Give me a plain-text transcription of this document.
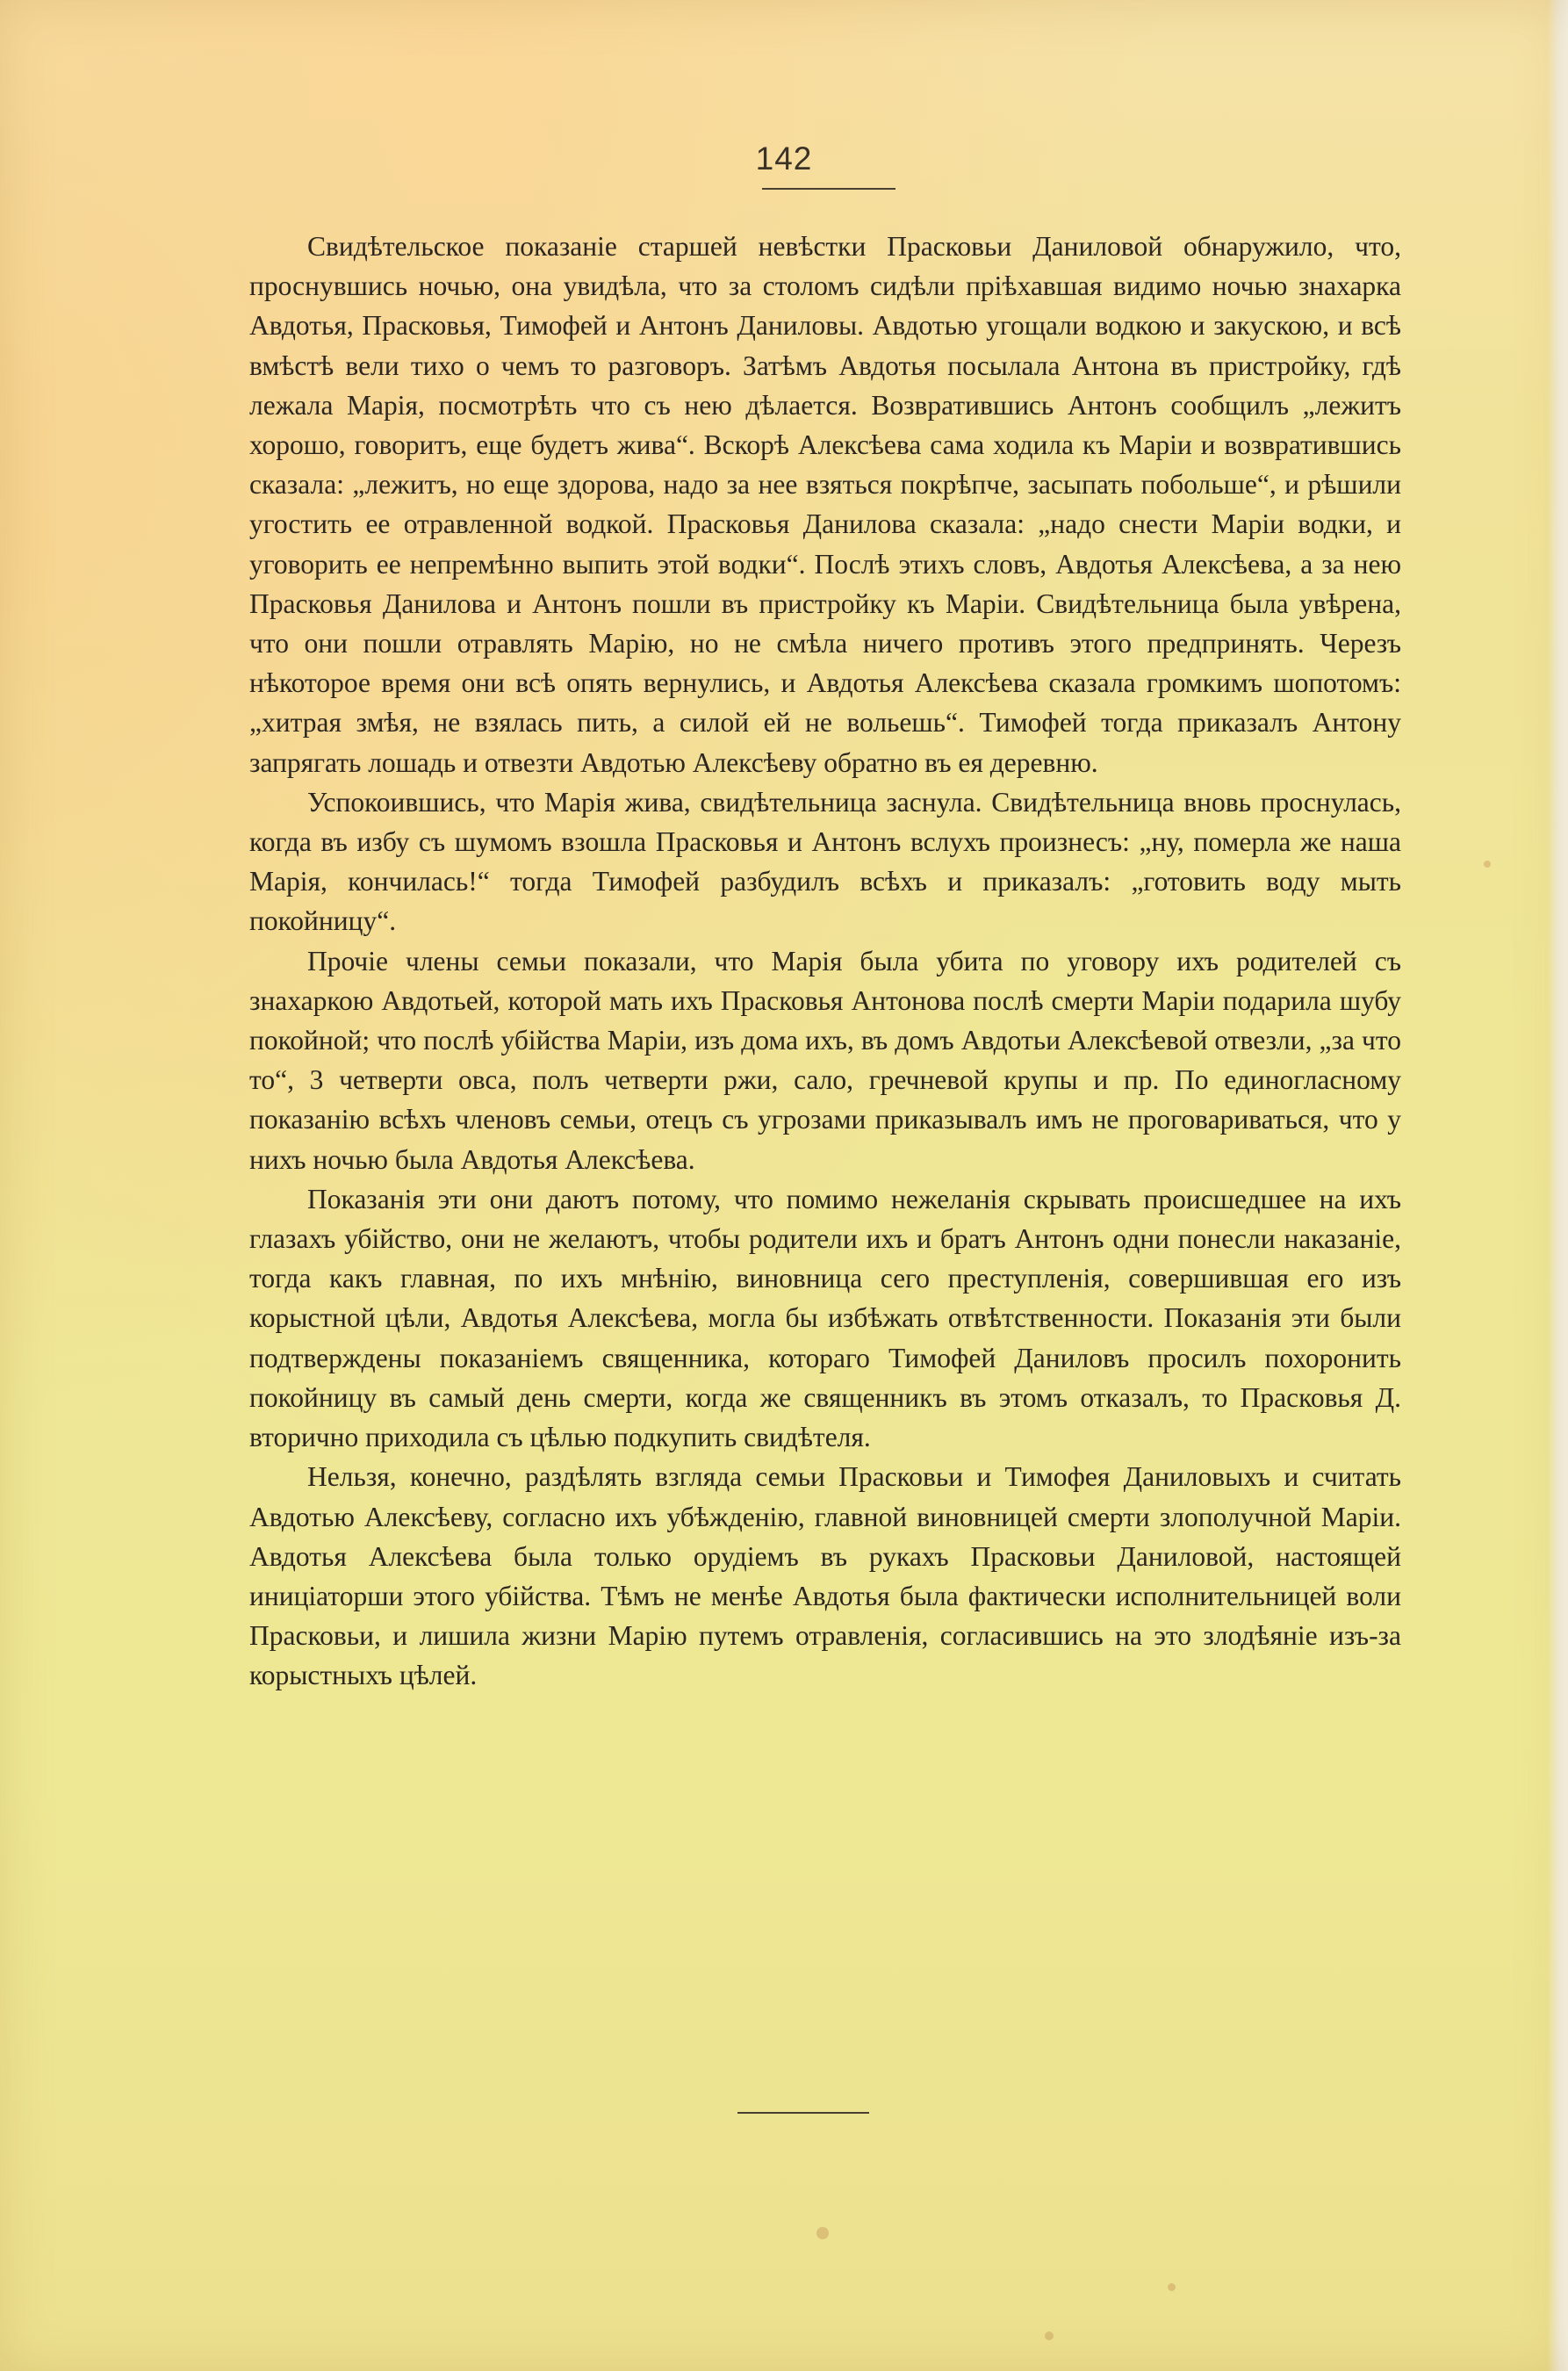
142

Свидѣтельское показаніе старшей невѣстки Прасковьи Даниловой обнаружило, что, проснувшись ночью, она увидѣла, что за столомъ сидѣли пріѣхавшая видимо ночью знахарка Авдотья, Прасковья, Тимофей и Антонъ Даниловы. Авдотью угощали водкою и закускою, и всѣ вмѣстѣ вели тихо о чемъ то разговоръ. Затѣмъ Авдотья посылала Антона въ пристройку, гдѣ лежала Марія, посмотрѣть что съ нею дѣлается. Возвратившись Антонъ сообщилъ „лежитъ хорошо, говоритъ, еще будетъ жива“. Вскорѣ Алексѣева сама ходила къ Маріи и возвратившись сказала: „лежитъ, но еще здорова, надо за нее взяться покрѣпче, засыпать побольше“, и рѣшили угостить ее отравленной водкой. Прасковья Данилова сказала: „надо снести Маріи водки, и уговорить ее непремѣнно выпить этой водки“. Послѣ этихъ словъ, Авдотья Алексѣева, а за нею Прасковья Данилова и Антонъ пошли въ пристройку къ Маріи. Свидѣтельница была увѣрена, что они пошли отравлять Марію, но не смѣла ничего противъ этого предпринять. Черезъ нѣкоторое время они всѣ опять вернулись, и Авдотья Алексѣева сказала громкимъ шопотомъ: „хитрая змѣя, не взялась пить, а силой ей не вольешь“. Тимофей тогда приказалъ Антону запрягать лошадь и отвезти Авдотью Алексѣеву обратно въ ея деревню.

Успокоившись, что Марія жива, свидѣтельница заснула. Свидѣтельница вновь проснулась, когда въ избу съ шумомъ взошла Прасковья и Антонъ вслухъ произнесъ: „ну, померла же наша Марія, кончилась!“ тогда Тимофей разбудилъ всѣхъ и приказалъ: „готовить воду мыть покойницу“.

Прочіе члены семьи показали, что Марія была убита по уговору ихъ родителей съ знахаркою Авдотьей, которой мать ихъ Прасковья Антонова послѣ смерти Маріи подарила шубу покойной; что послѣ убійства Маріи, изъ дома ихъ, въ домъ Авдотьи Алексѣевой отвезли, „за что то“, 3 четверти овса, полъ четверти ржи, сало, гречневой крупы и пр. По единогласному показанію всѣхъ членовъ семьи, отецъ съ угрозами приказывалъ имъ не проговариваться, что у нихъ ночью была Авдотья Алексѣева.

Показанія эти они даютъ потому, что помимо нежеланія скрывать происшедшее на ихъ глазахъ убійство, они не желаютъ, чтобы родители ихъ и братъ Антонъ одни понесли наказаніе, тогда какъ главная, по ихъ мнѣнію, виновница сего преступленія, совершившая его изъ корыстной цѣли, Авдотья Алексѣева, могла бы избѣжать отвѣтственности. Показанія эти были подтверждены показаніемъ священника, котораго Тимофей Даниловъ просилъ похоронить покойницу въ самый день смерти, когда же священникъ въ этомъ отказалъ, то Прасковья Д. вторично приходила съ цѣлью подкупить свидѣтеля.

Нельзя, конечно, раздѣлять взгляда семьи Прасковьи и Тимофея Даниловыхъ и считать Авдотью Алексѣеву, согласно ихъ убѣжденію, главной виновницей смерти злополучной Маріи. Авдотья Алексѣева была только орудіемъ въ рукахъ Прасковьи Даниловой, настоящей иниціаторши этого убійства. Тѣмъ не менѣе Авдотья была фактически исполнительницей воли Прасковьи, и лишила жизни Марію путемъ отравленія, согласившись на это злодѣяніе изъ-за корыстныхъ цѣлей.
